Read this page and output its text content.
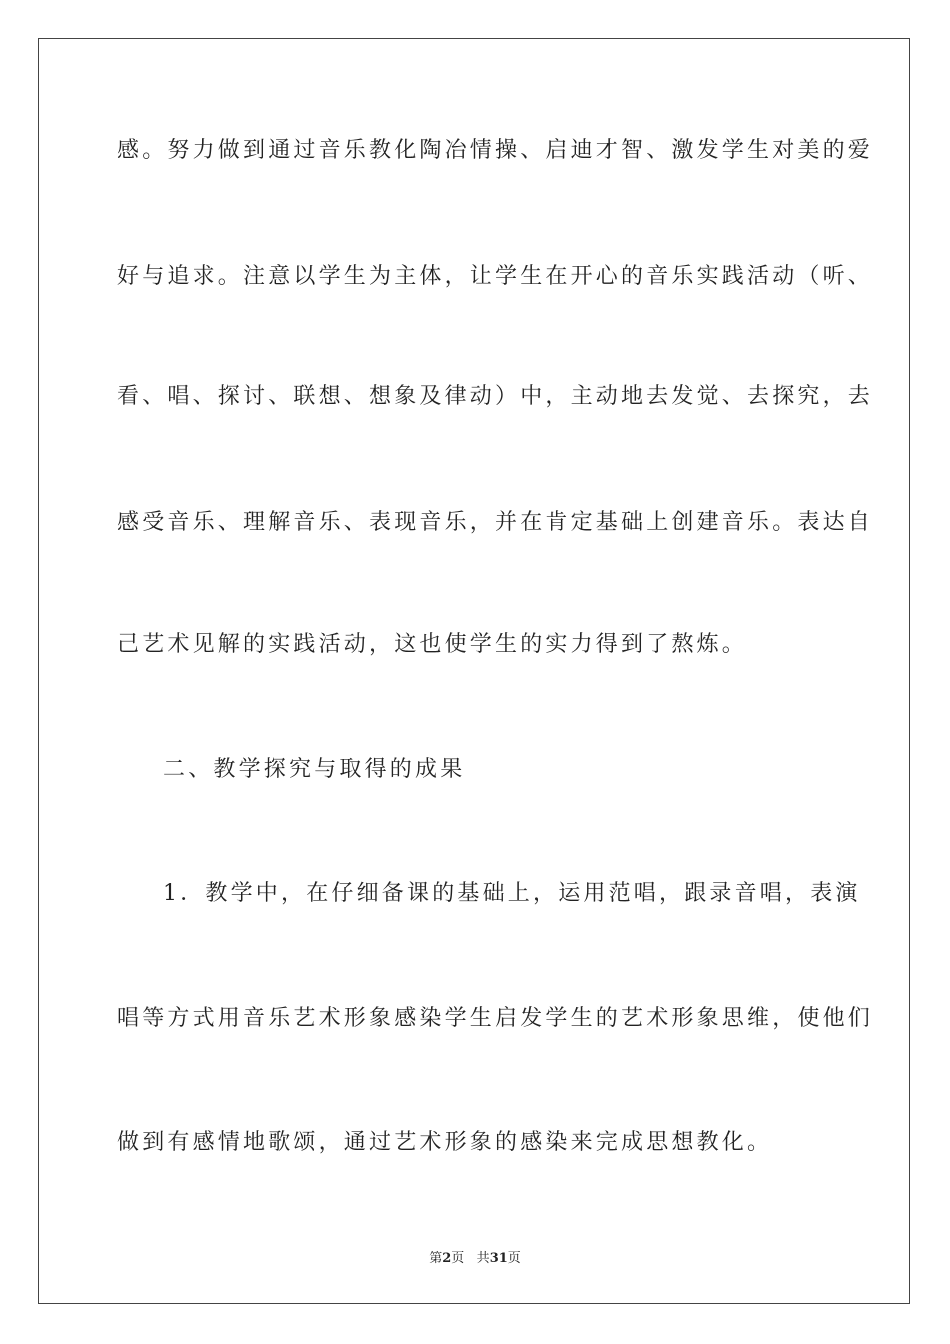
感。努力做到通过音乐教化陶冶情操、启迪才智、激发学生对美的爱
好与追求。注意以学生为主体，让学生在开心的音乐实践活动（听、
看、唱、探讨、联想、想象及律动）中，主动地去发觉、去探究，去
感受音乐、理解音乐、表现音乐，并在肯定基础上创建音乐。表达自
己艺术见解的实践活动，这也使学生的实力得到了熬炼。
二、教学探究与取得的成果
1．教学中，在仔细备课的基础上，运用范唱，跟录音唱，表演
唱等方式用音乐艺术形象感染学生启发学生的艺术形象思维，使他们
做到有感情地歌颂，通过艺术形象的感染来完成思想教化。
第2页 共31页
